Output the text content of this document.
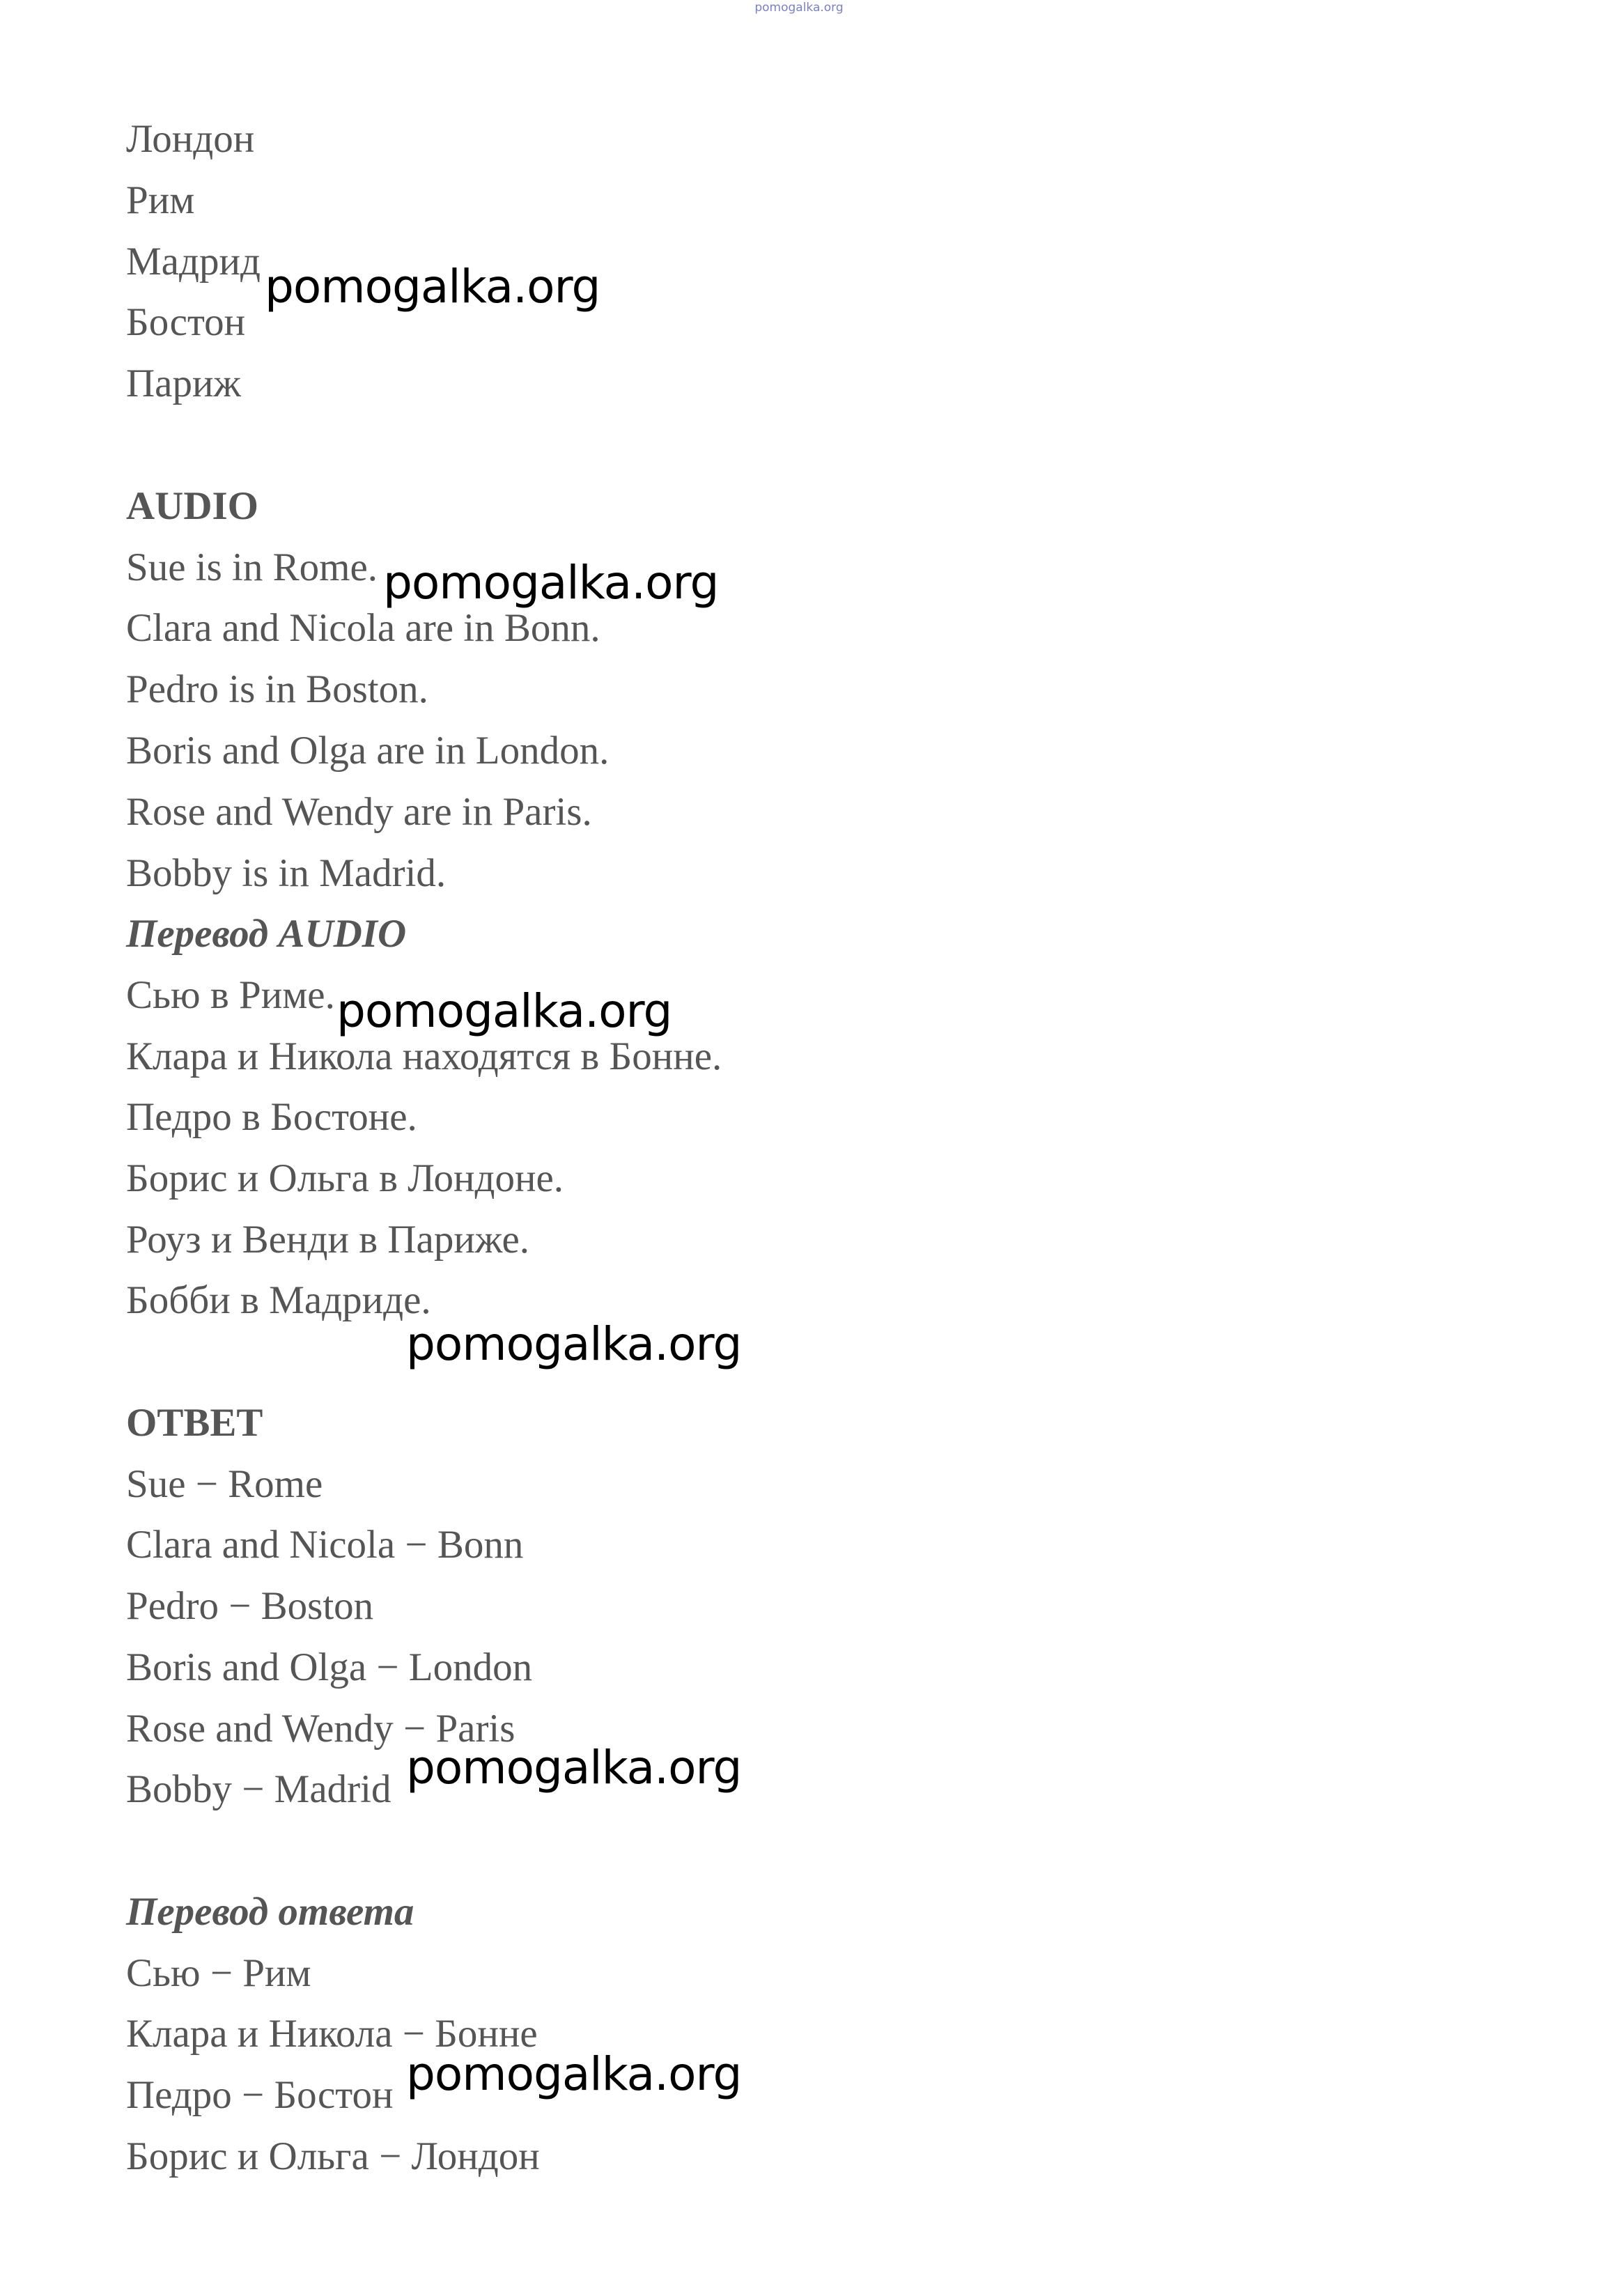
pomogalka.org

Лондон

Рим

Мадрид

Бостон

Париж

AUDIO

Sue is in Rome.

Clara and Nicola are in Bonn.

Pedro is in Boston.

Boris and Olga are in London.

Rose and Wendy are in Paris.

Bobby is in Madrid.

Перевод AUDIO

Сью в Риме.

Клара и Никола находятся в Бонне.

Педро в Бостоне.

Борис и Ольга в Лондоне.

Роуз и Венди в Париже.

Бобби в Мадриде.

ОТВЕТ

Sue − Rome

Clara and Nicola − Bonn

Pedro − Boston

Boris and Olga − London

Rose and Wendy − Paris

Bobby − Madrid

Перевод ответа

Сью − Рим

Клара и Никола − Бонне

Педро − Бостон

Борис и Ольга − Лондон

pomogalka.org
pomogalka.org
pomogalka.org
pomogalka.org
pomogalka.org
pomogalka.org
